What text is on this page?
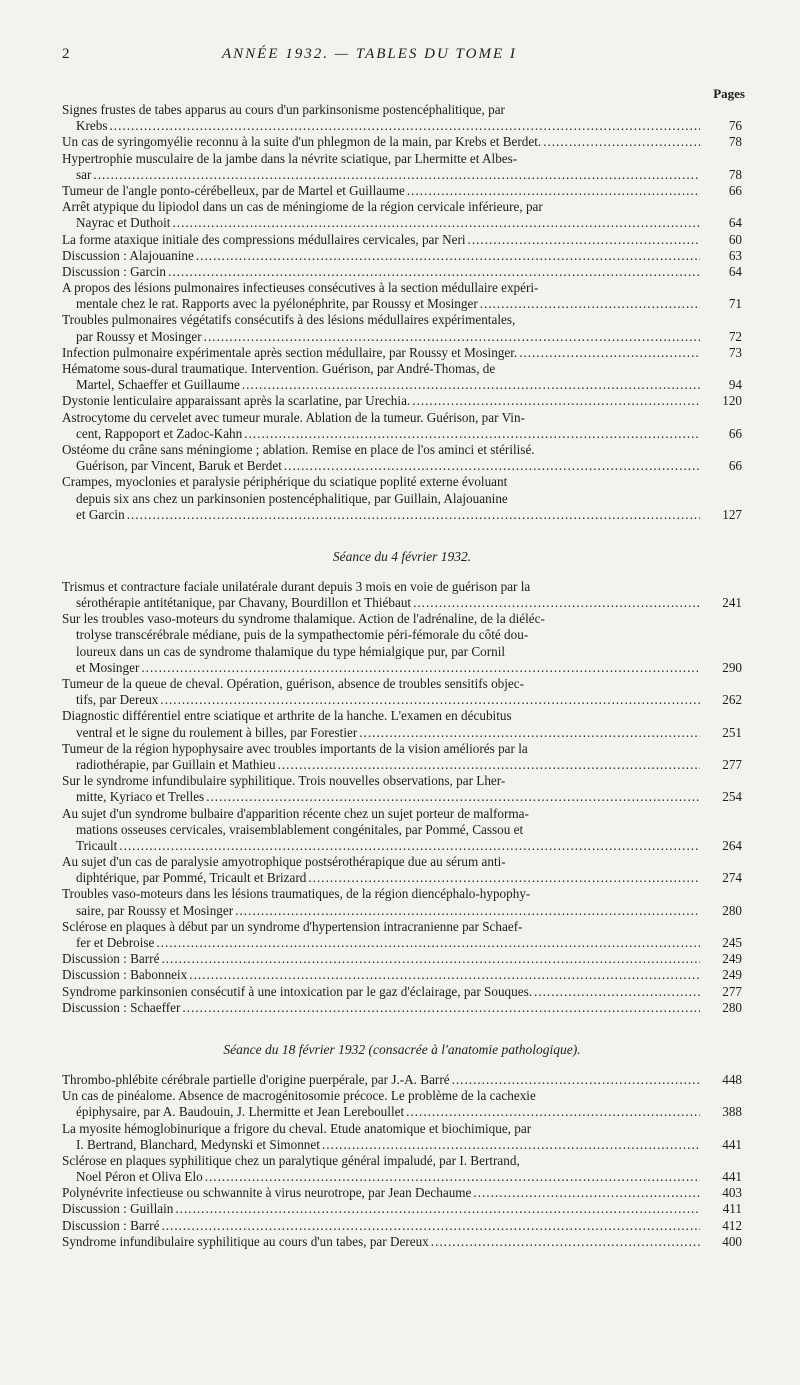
2	ANNÉE 1932. — TABLES DU TOME I
Pages
Signes frustes de tabes apparus au cours d'un parkinsonisme postencéphalitique, par
Krebs .....	76
Un cas de syringomyélie reconnu à la suite d'un phlegmon de la main, par Krebs et Berdet. .....	78
Hypertrophie musculaire de la jambe dans la névrite sciatique, par Lhermitte et Albes-
sar .....	78
Tumeur de l'angle ponto-cérébelleux, par de Martel et Guillaume .....	66
Arrêt atypique du lipiodol dans un cas de méningiome de la région cervicale inférieure, par
Nayrac et Duthoit .....	64
La forme ataxique initiale des compressions médullaires cervicales, par Neri .....	60
Discussion : Alajouanine .....	63
Discussion : Garcin .....	64
A propos des lésions pulmonaires infectieuses consécutives à la section médullaire expéri-
mentale chez le rat. Rapports avec la pyélonéphrite, par Roussy et Mosinger .....	71
Troubles pulmonaires végétatifs consécutifs à des lésions médullaires expérimentales,
par Roussy et Mosinger .....	72
Infection pulmonaire expérimentale après section médullaire, par Roussy et Mosinger. .....	73
Hématome sous-dural traumatique. Intervention. Guérison, par André-Thomas, de
Martel, Schaeffer et Guillaume .....	94
Dystonie lenticulaire apparaissant après la scarlatine, par Urechia. .....	120
Astrocytome du cervelet avec tumeur murale. Ablation de la tumeur. Guérison, par Vin-
cent, Rappoport et Zadoc-Kahn .....	66
Ostéome du crâne sans méningiome ; ablation. Remise en place de l'os aminci et stérilisé.
Guérison, par Vincent, Baruk et Berdet .....	66
Crampes, myoclonies et paralysie périphérique du sciatique poplité externe évoluant
depuis six ans chez un parkinsonien postencéphalitique, par Guillain, Alajouanine
et Garcin .....	127
Séance du 4 février 1932.
Trismus et contracture faciale unilatérale durant depuis 3 mois en voie de guérison par la
sérothérapie antitétanique, par Chavany, Bourdillon et Thiébaut .....	241
Sur les troubles vaso-moteurs du syndrome thalamique. Action de l'adrénaline, de la diéléc-
trolyse transcérébrale médiane, puis de la sympathectomie péri-fémorale du côté dou-
loureux dans un cas de syndrome thalamique du type hémialgique pur, par Cornil
et Mosinger .....	290
Tumeur de la queue de cheval. Opération, guérison, absence de troubles sensitifs objec-
tifs, par Dereux .....	262
Diagnostic différentiel entre sciatique et arthrite de la hanche. L'examen en décubitus
ventral et le signe du roulement à billes, par Forestier .....	251
Tumeur de la région hypophysaire avec troubles importants de la vision améliorés par la
radiothérapie, par Guillain et Mathieu .....	277
Sur le syndrome infundibulaire syphilitique. Trois nouvelles observations, par Lher-
mitte, Kyriaco et Trelles .....	254
Au sujet d'un syndrome bulbaire d'apparition récente chez un sujet porteur de malforma-
mations osseuses cervicales, vraisemblablement congénitales, par Pommé, Cassou et
Tricault .....	264
Au sujet d'un cas de paralysie amyotrophique postsérothérapique due au sérum anti-
diphtérique, par Pommé, Tricault et Brizard .....	274
Troubles vaso-moteurs dans les lésions traumatiques, de la région diencéphalo-hypophy-
saire, par Roussy et Mosinger .....	280
Sclérose en plaques à début par un syndrome d'hypertension intracranienne par Schaef-
fer et Debroise .....	245
Discussion : Barré .....	249
Discussion : Babonneix .....	249
Syndrome parkinsonien consécutif à une intoxication par le gaz d'éclairage, par Souques. .....	277
Discussion : Schaeffer .....	280
Séance du 18 février 1932 (consacrée à l'anatomie pathologique).
Thrombo-phlébite cérébrale partielle d'origine puerpérale, par J.-A. Barré .....	448
Un cas de pinéalome. Absence de macrogénitosomie précoce. Le problème de la cachexie
épiphysaire, par A. Baudouin, J. Lhermitte et Jean Lereboullet .....	388
La myosite hémoglobinurique a frigore du cheval. Etude anatomique et biochimique, par
I. Bertrand, Blanchard, Medynski et Simonnet .....	441
Sclérose en plaques syphilitique chez un paralytique général impaludé, par I. Bertrand,
Noel Péron et Oliva Elo .....	441
Polynévrite infectieuse ou schwannite à virus neurotrope, par Jean Dechaume .....	403
Discussion : Guillain .....	411
Discussion : Barré .....	412
Syndrome infundibulaire syphilitique au cours d'un tabes, par Dereux .....	400
